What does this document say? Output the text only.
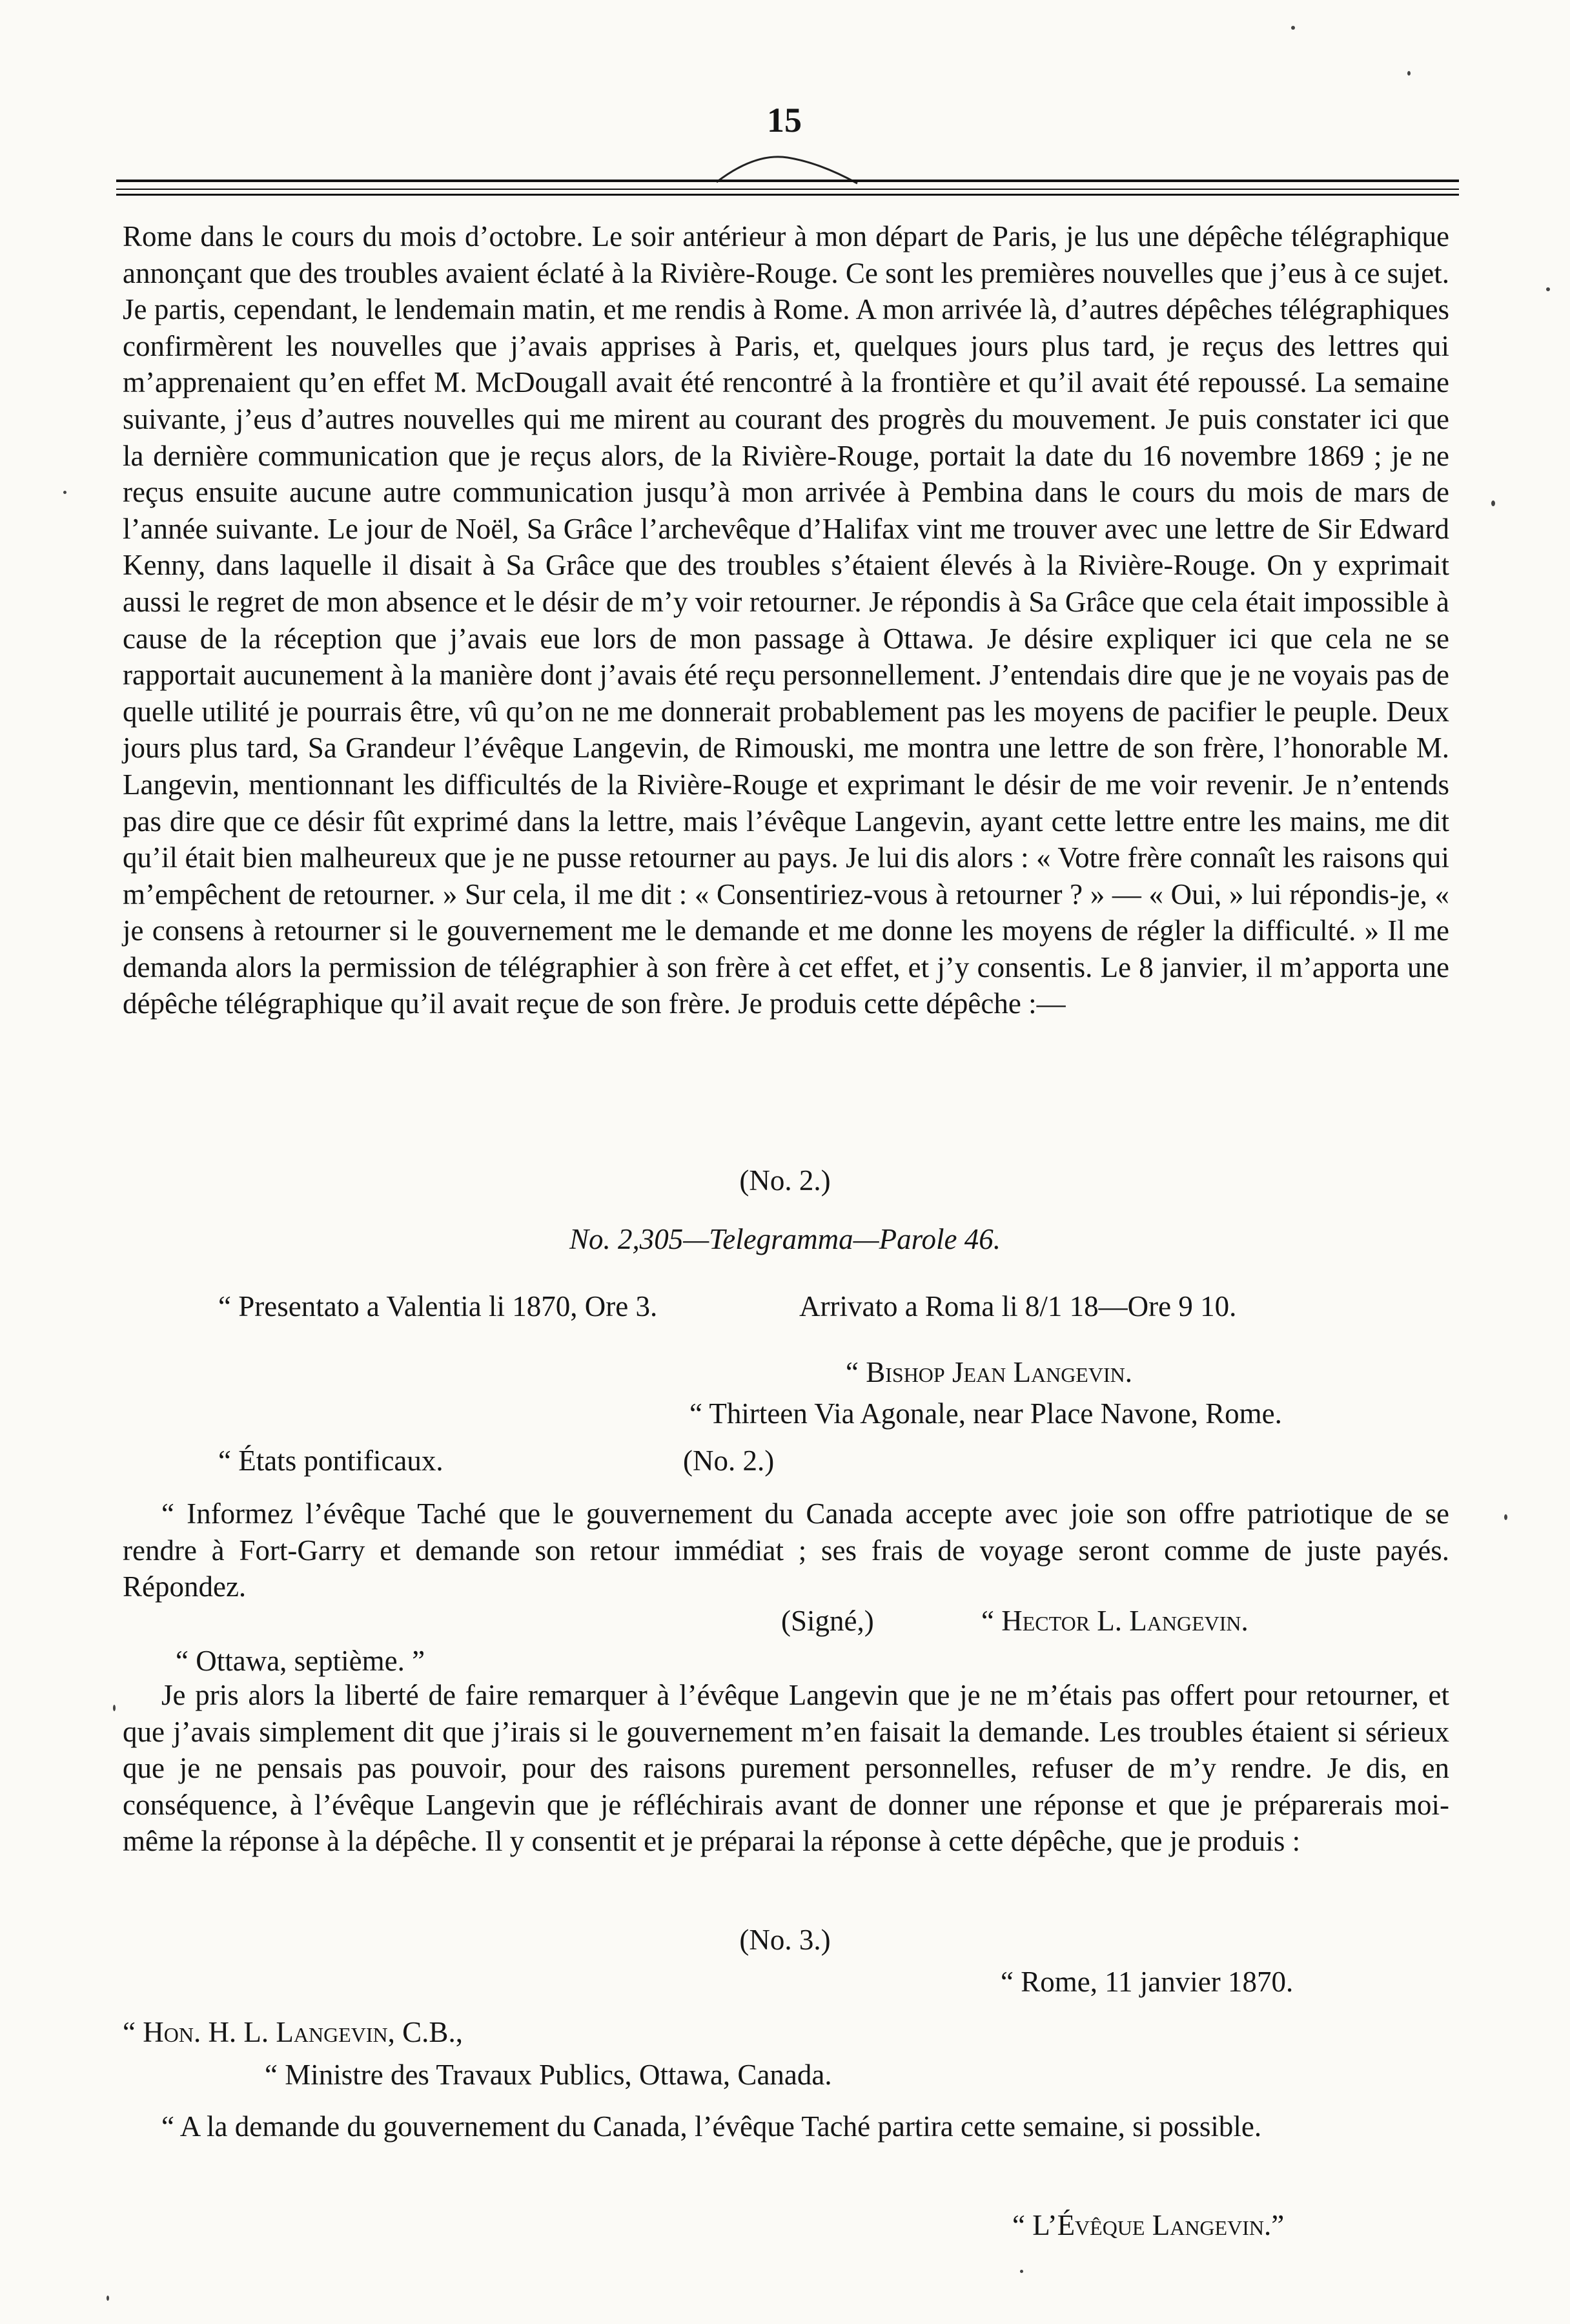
15

Rome dans le cours du mois d’octobre. Le soir antérieur à mon départ de Paris, je lus une dépêche télégraphique annonçant que des troubles avaient éclaté à la Rivière-Rouge. Ce sont les premières nouvelles que j’eus à ce sujet. Je partis, cependant, le lendemain matin, et me rendis à Rome. A mon arrivée là, d’autres dépêches télégraphiques confirmèrent les nouvelles que j’avais apprises à Paris, et, quelques jours plus tard, je reçus des lettres qui m’apprenaient qu’en effet M. McDougall avait été rencontré à la frontière et qu’il avait été repoussé. La semaine suivante, j’eus d’autres nouvelles qui me mirent au courant des progrès du mouvement. Je puis constater ici que la dernière communication que je reçus alors, de la Rivière-Rouge, portait la date du 16 novembre 1869 ; je ne reçus ensuite aucune autre communication jusqu’à mon arrivée à Pembina dans le cours du mois de mars de l’année suivante. Le jour de Noël, Sa Grâce l’archevêque d’Halifax vint me trouver avec une lettre de Sir Edward Kenny, dans laquelle il disait à Sa Grâce que des troubles s’étaient élevés à la Rivière-Rouge. On y exprimait aussi le regret de mon absence et le désir de m’y voir retourner. Je répondis à Sa Grâce que cela était impossible à cause de la réception que j’avais eue lors de mon passage à Ottawa. Je désire expliquer ici que cela ne se rapportait aucunement à la manière dont j’avais été reçu personnellement. J’entendais dire que je ne voyais pas de quelle utilité je pourrais être, vû qu’on ne me donnerait probablement pas les moyens de pacifier le peuple. Deux jours plus tard, Sa Grandeur l’évêque Langevin, de Rimouski, me montra une lettre de son frère, l’honorable M. Langevin, mentionnant les difficultés de la Rivière-Rouge et exprimant le désir de me voir revenir. Je n’entends pas dire que ce désir fût exprimé dans la lettre, mais l’évêque Langevin, ayant cette lettre entre les mains, me dit qu’il était bien malheureux que je ne pusse retourner au pays. Je lui dis alors : « Votre frère connaît les raisons qui m’empêchent de retourner. » Sur cela, il me dit : « Consentiriez-vous à retourner ? » — « Oui, » lui répondis-je, « je consens à retourner si le gouvernement me le demande et me donne les moyens de régler la difficulté. » Il me demanda alors la permission de télégraphier à son frère à cet effet, et j’y consentis. Le 8 janvier, il m’apporta une dépêche télégraphique qu’il avait reçue de son frère. Je produis cette dépêche :—

(No. 2.)

No. 2,305—Telegramma—Parole 46.

“ Presentato a Valentia li 1870, Ore 3.	Arrivato a Roma li 8/1 18—Ore 9 10.

“ Bishop Jean Langevin.

“ Thirteen Via Agonale, near Place Navone, Rome.

“ États pontificaux.	(No. 2.)

“ Informez l’évêque Taché que le gouvernement du Canada accepte avec joie son offre patriotique de se rendre à Fort-Garry et demande son retour immédiat ; ses frais de voyage seront comme de juste payés. Répondez.

(Signé,)	“ Hector L. Langevin.

“ Ottawa, septième. ”

Je pris alors la liberté de faire remarquer à l’évêque Langevin que je ne m’étais pas offert pour retourner, et que j’avais simplement dit que j’irais si le gouvernement m’en faisait la demande. Les troubles étaient si sérieux que je ne pensais pas pouvoir, pour des raisons purement personnelles, refuser de m’y rendre. Je dis, en conséquence, à l’évêque Langevin que je réfléchirais avant de donner une réponse et que je préparerais moi-même la réponse à la dépêche. Il y consentit et je préparai la réponse à cette dépêche, que je produis :

(No. 3.)

“ Rome, 11 janvier 1870.

“ Hon. H. L. Langevin, C.B.,

“ Ministre des Travaux Publics, Ottawa, Canada.

“ A la demande du gouvernement du Canada, l’évêque Taché partira cette semaine, si possible.

“ L’Évêque Langevin.”
